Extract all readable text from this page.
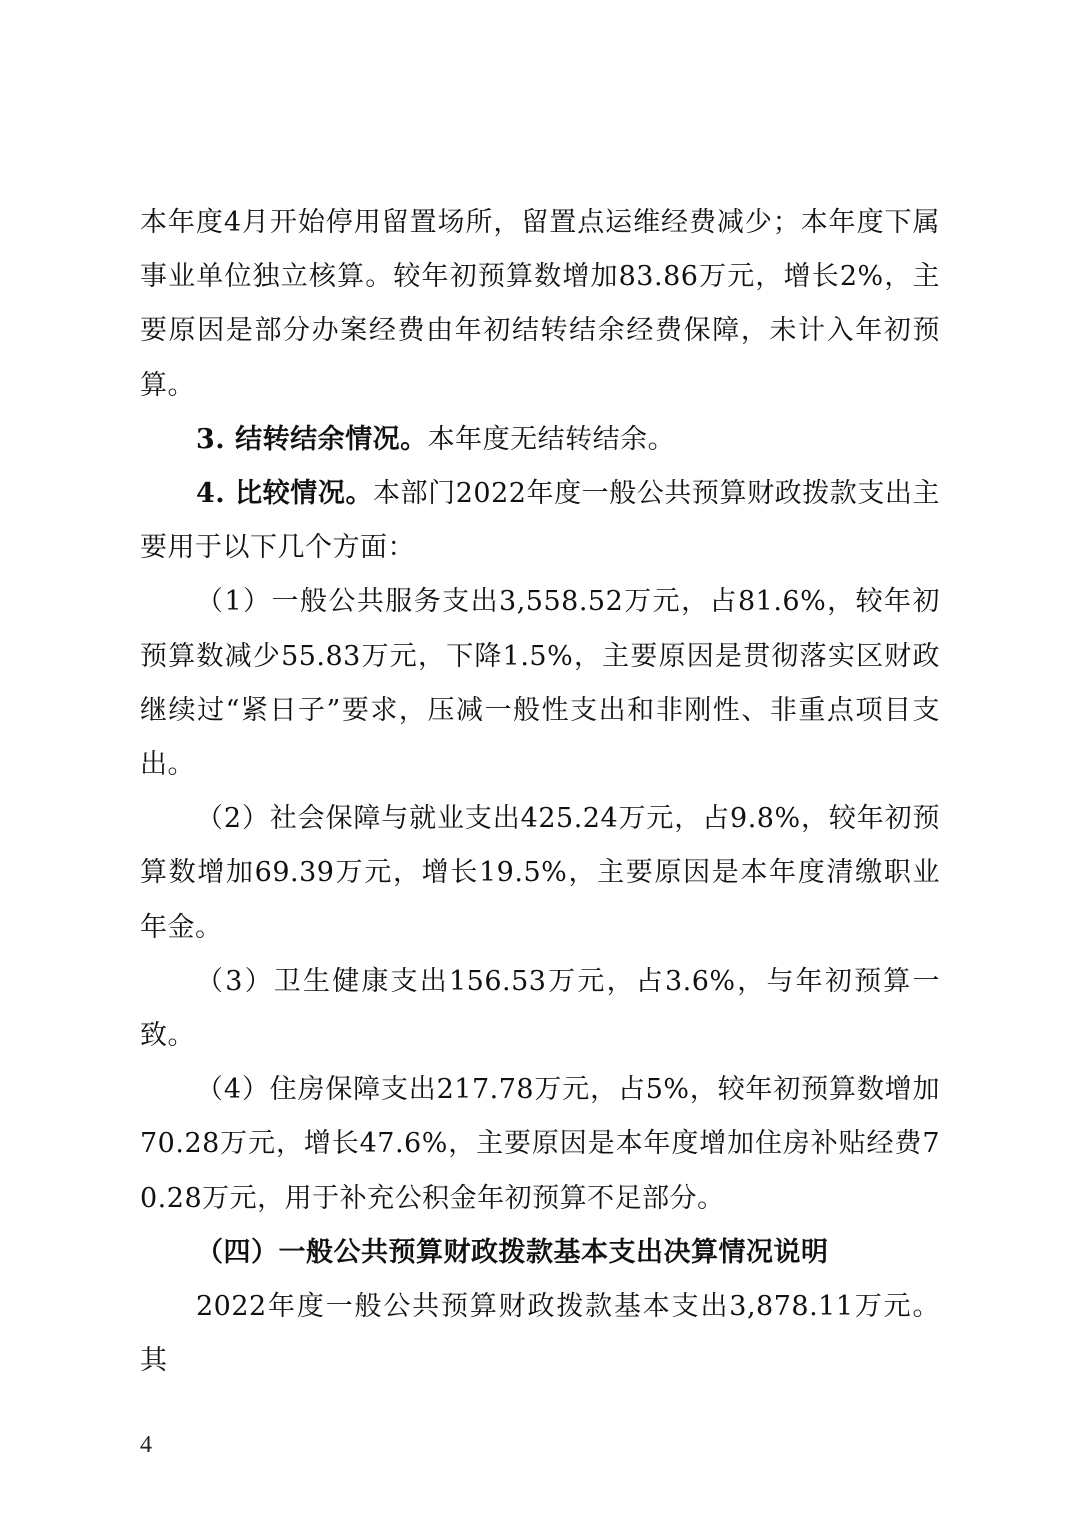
本年度4月开始停用留置场所，留置点运维经费减少；本年度下属事业单位独立核算。较年初预算数增加83.86万元，增长2%，主要原因是部分办案经费由年初结转结余经费保障，未计入年初预算。

3. 结转结余情况。本年度无结转结余。

4. 比较情况。本部门2022年度一般公共预算财政拨款支出主要用于以下几个方面：

（1）一般公共服务支出3,558.52万元，占81.6%，较年初预算数减少55.83万元，下降1.5%，主要原因是贯彻落实区财政继续过“紧日子”要求，压减一般性支出和非刚性、非重点项目支出。

（2）社会保障与就业支出425.24万元，占9.8%，较年初预算数增加69.39万元，增长19.5%，主要原因是本年度清缴职业年金。

（3）卫生健康支出156.53万元，占3.6%，与年初预算一致。

（4）住房保障支出217.78万元，占5%，较年初预算数增加70.28万元，增长47.6%，主要原因是本年度增加住房补贴经费70.28万元，用于补充公积金年初预算不足部分。

（四）一般公共预算财政拨款基本支出决算情况说明

2022年度一般公共预算财政拨款基本支出3,878.11万元。其

4
